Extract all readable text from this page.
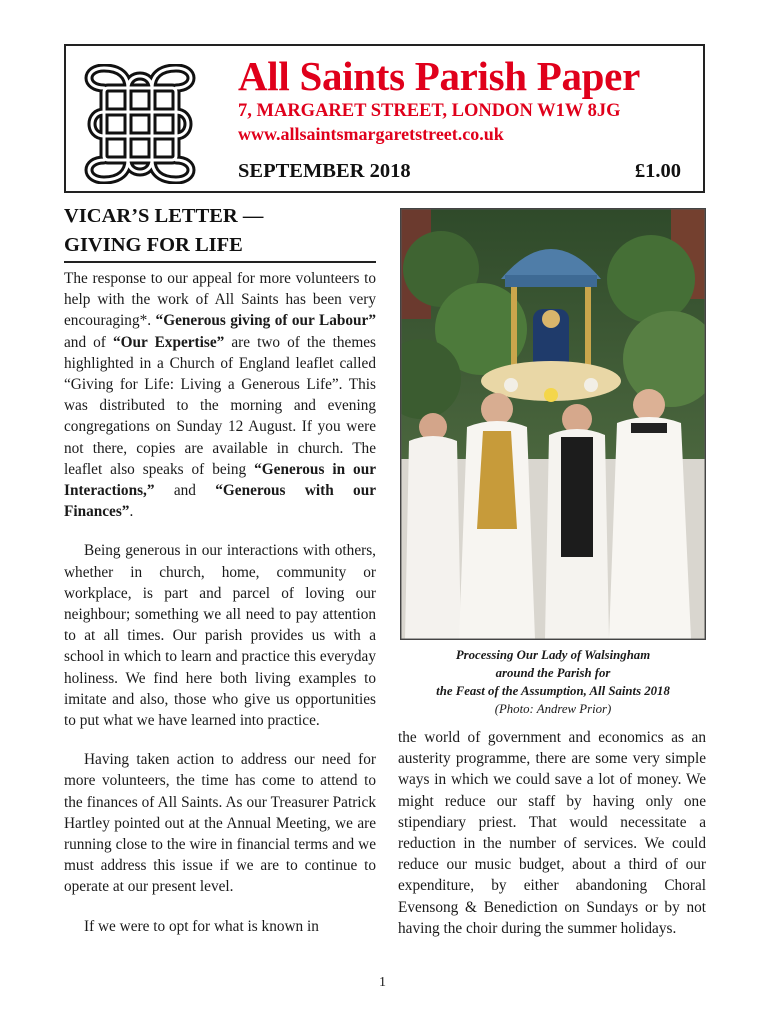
All Saints Parish Paper
7, MARGARET STREET, LONDON W1W 8JG
www.allsaintsmargaretstreet.co.uk
SEPTEMBER 2018	£1.00
VICAR’S LETTER —
GIVING FOR LIFE

The response to our appeal for more volunteers to help with the work of All Saints has been very encouraging*. “Generous giving of our Labour” and of “Our Expertise” are two of the themes highlighted in a Church of England leaflet called “Giving for Life: Living a Generous Life”. This was distributed to the morning and evening congregations on Sunday 12 August. If you were not there, copies are available in church. The leaflet also speaks of being “Generous in our Interactions,” and “Generous with our Finances”.

Being generous in our interactions with others, whether in church, home, community or workplace, is part and parcel of loving our neighbour; something we all need to pay attention to at all times. Our parish provides us with a school in which to learn and practice this everyday holiness. We find here both living examples to imitate and also, those who give us opportunities to put what we have learned into practice.

Having taken action to address our need for more volunteers, the time has come to attend to the finances of All Saints. As our Treasurer Patrick Hartley pointed out at the Annual Meeting, we are running close to the wire in financial terms and we must address this issue if we are to continue to operate at our present level.

If we were to opt for what is known in

Processing Our Lady of Walsingham
around the Parish for
the Feast of the Assumption, All Saints 2018
(Photo: Andrew Prior)

the world of government and economics as an austerity programme, there are some very simple ways in which we could save a lot of money. We might reduce our staff by having only one stipendiary priest. That would necessitate a reduction in the number of services. We could reduce our music budget, about a third of our expenditure, by either abandoning Choral Evensong & Benediction on Sundays or by not having the choir during the summer holidays.

1
